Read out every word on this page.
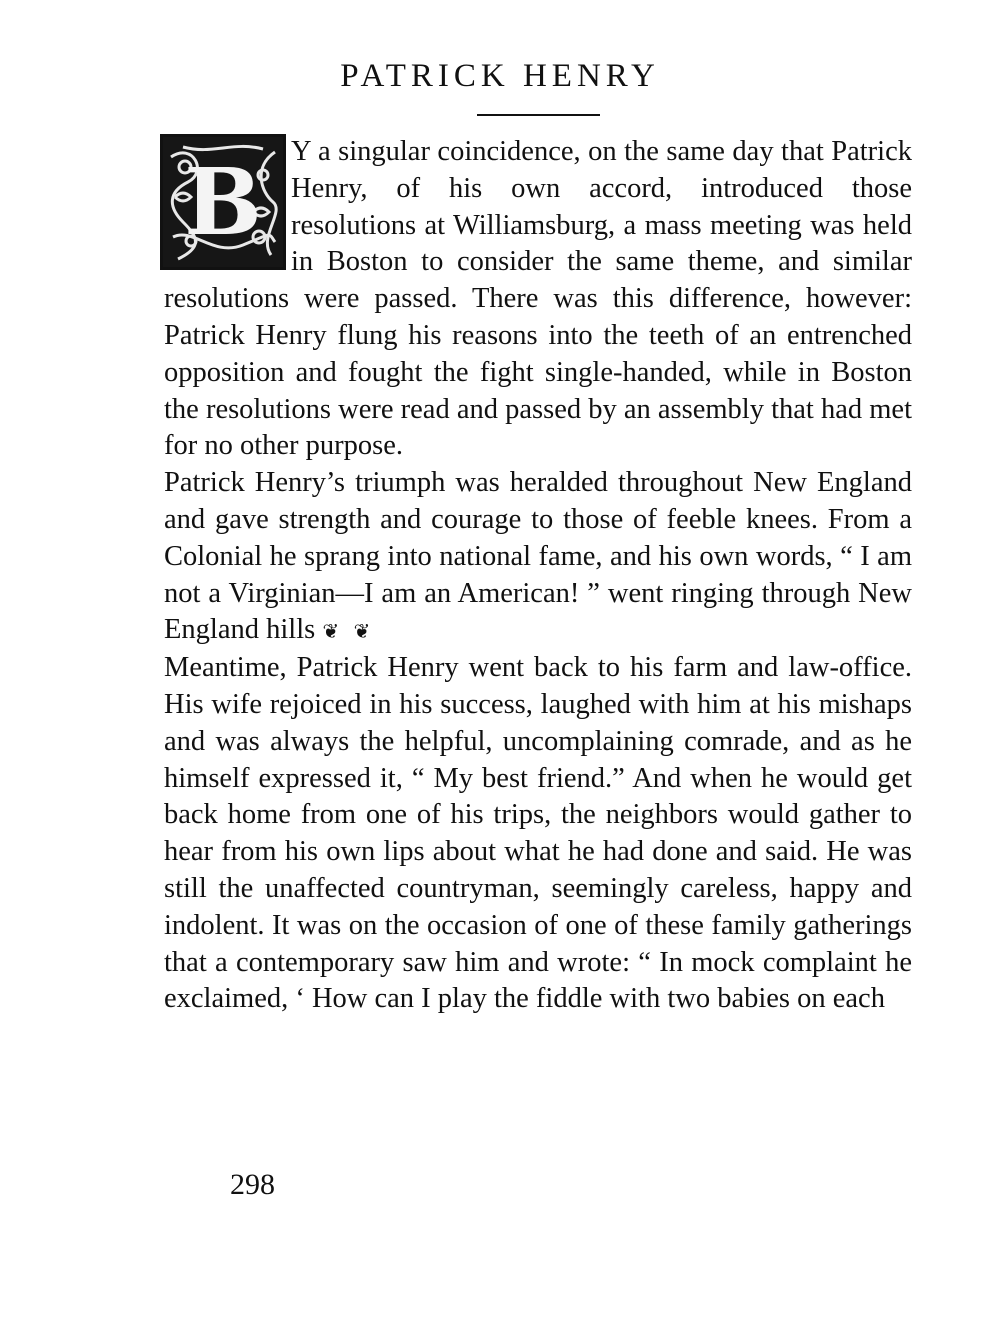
PATRICK HENRY

B	Y a singular coincidence, on the same day that Patrick Henry, of his own accord, introduced those resolutions at Williamsburg, a mass meeting was held in Boston to consider the same theme, and similar resolutions were passed. There was this difference, however: Patrick Henry flung his reasons into the teeth of an entrenched opposition and fought the fight single-handed, while in Boston the resolutions were read and passed by an assembly that had met for no other purpose.

Patrick Henry’s triumph was heralded throughout New England and gave strength and courage to those of feeble knees. From a Colonial he sprang into national fame, and his own words, “ I am not a Virginian—I am an American! ” went ringing through New England hills ❦ ❦

Meantime, Patrick Henry went back to his farm and law-office. His wife rejoiced in his success, laughed with him at his mishaps and was always the helpful, uncomplaining comrade, and as he himself expressed it, “ My best friend.” And when he would get back home from one of his trips, the neighbors would gather to hear from his own lips about what he had done and said. He was still the unaffected countryman, seemingly careless, happy and indolent. It was on the occasion of one of these family gatherings that a contemporary saw him and wrote: “ In mock complaint he exclaimed, ‘ How can I play the fiddle with two babies on each

298
